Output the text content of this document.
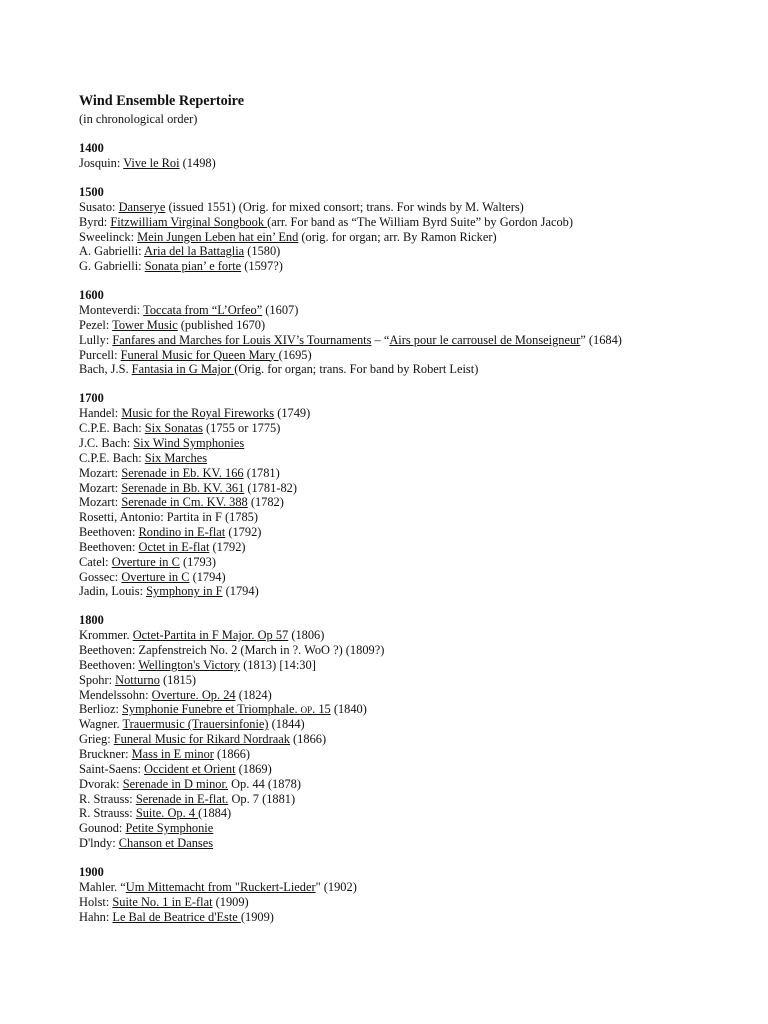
Wind Ensemble Repertoire

(in chronological order)

1400

Josquin: Vive le Roi (1498)

1500

Susato: Danserye (issued 1551) (Orig. for mixed consort; trans. For winds by M. Walters)

Byrd: Fitzwilliam Virginal Songbook (arr. For band as “The William Byrd Suite” by Gordon Jacob)

Sweelinck: Mein Jungen Leben hat ein’ End (orig. for organ; arr. By Ramon Ricker)

A. Gabrielli: Aria del la Battaglia (1580)

G. Gabrielli: Sonata pian’ e forte (1597?)

1600

Monteverdi: Toccata from “L’Orfeo” (1607)

Pezel: Tower Music (published 1670)

Lully: Fanfares and Marches for Louis XIV’s Tournaments – “Airs pour le carrousel de Monseigneur” (1684)

Purcell: Funeral Music for Queen Mary (1695)

Bach, J.S. Fantasia in G Major (Orig. for organ; trans. For band by Robert Leist)

1700

Handel: Music for the Royal Fireworks (1749)

C.P.E. Bach: Six Sonatas (1755 or 1775)

J.C. Bach: Six Wind Symphonies

C.P.E. Bach: Six Marches

Mozart: Serenade in Eb. KV. 166 (1781)

Mozart: Serenade in Bb. KV. 361 (1781-82)

Mozart: Serenade in Cm. KV. 388 (1782)

Rosetti, Antonio: Partita in F (1785)

Beethoven: Rondino in E-flat (1792)

Beethoven: Octet in E-flat (1792)

Catel: Overture in C (1793)

Gossec: Overture in C (1794)

Jadin, Louis: Symphony in F (1794)

1800

Krommer. Octet-Partita in F Major. Op 57 (1806)

Beethoven: Zapfenstreich No. 2 (March in ?. WoO ?) (1809?)

Beethoven: Wellington's Victory (1813) [14:30]

Spohr: Notturno (1815)

Mendelssohn: Overture. Op. 24 (1824)

Berlioz: Symphonie Funebre et Triomphale. op. 15 (1840)

Wagner. Trauermusic (Trauersinfonie) (1844)

Grieg: Funeral Music for Rikard Nordraak (1866)

Bruckner: Mass in E minor (1866)

Saint-Saens: Occident et Orient (1869)

Dvorak: Serenade in D minor. Op. 44 (1878)

R. Strauss: Serenade in E-flat. Op. 7 (1881)

R. Strauss: Suite. Op. 4 (1884)

Gounod: Petite Symphonie

D'lndy: Chanson et Danses

1900

Mahler. “Um Mittemacht from "Ruckert-Lieder" (1902)

Holst: Suite No. 1 in E-flat (1909)

Hahn: Le Bal de Beatrice d'Este (1909)
